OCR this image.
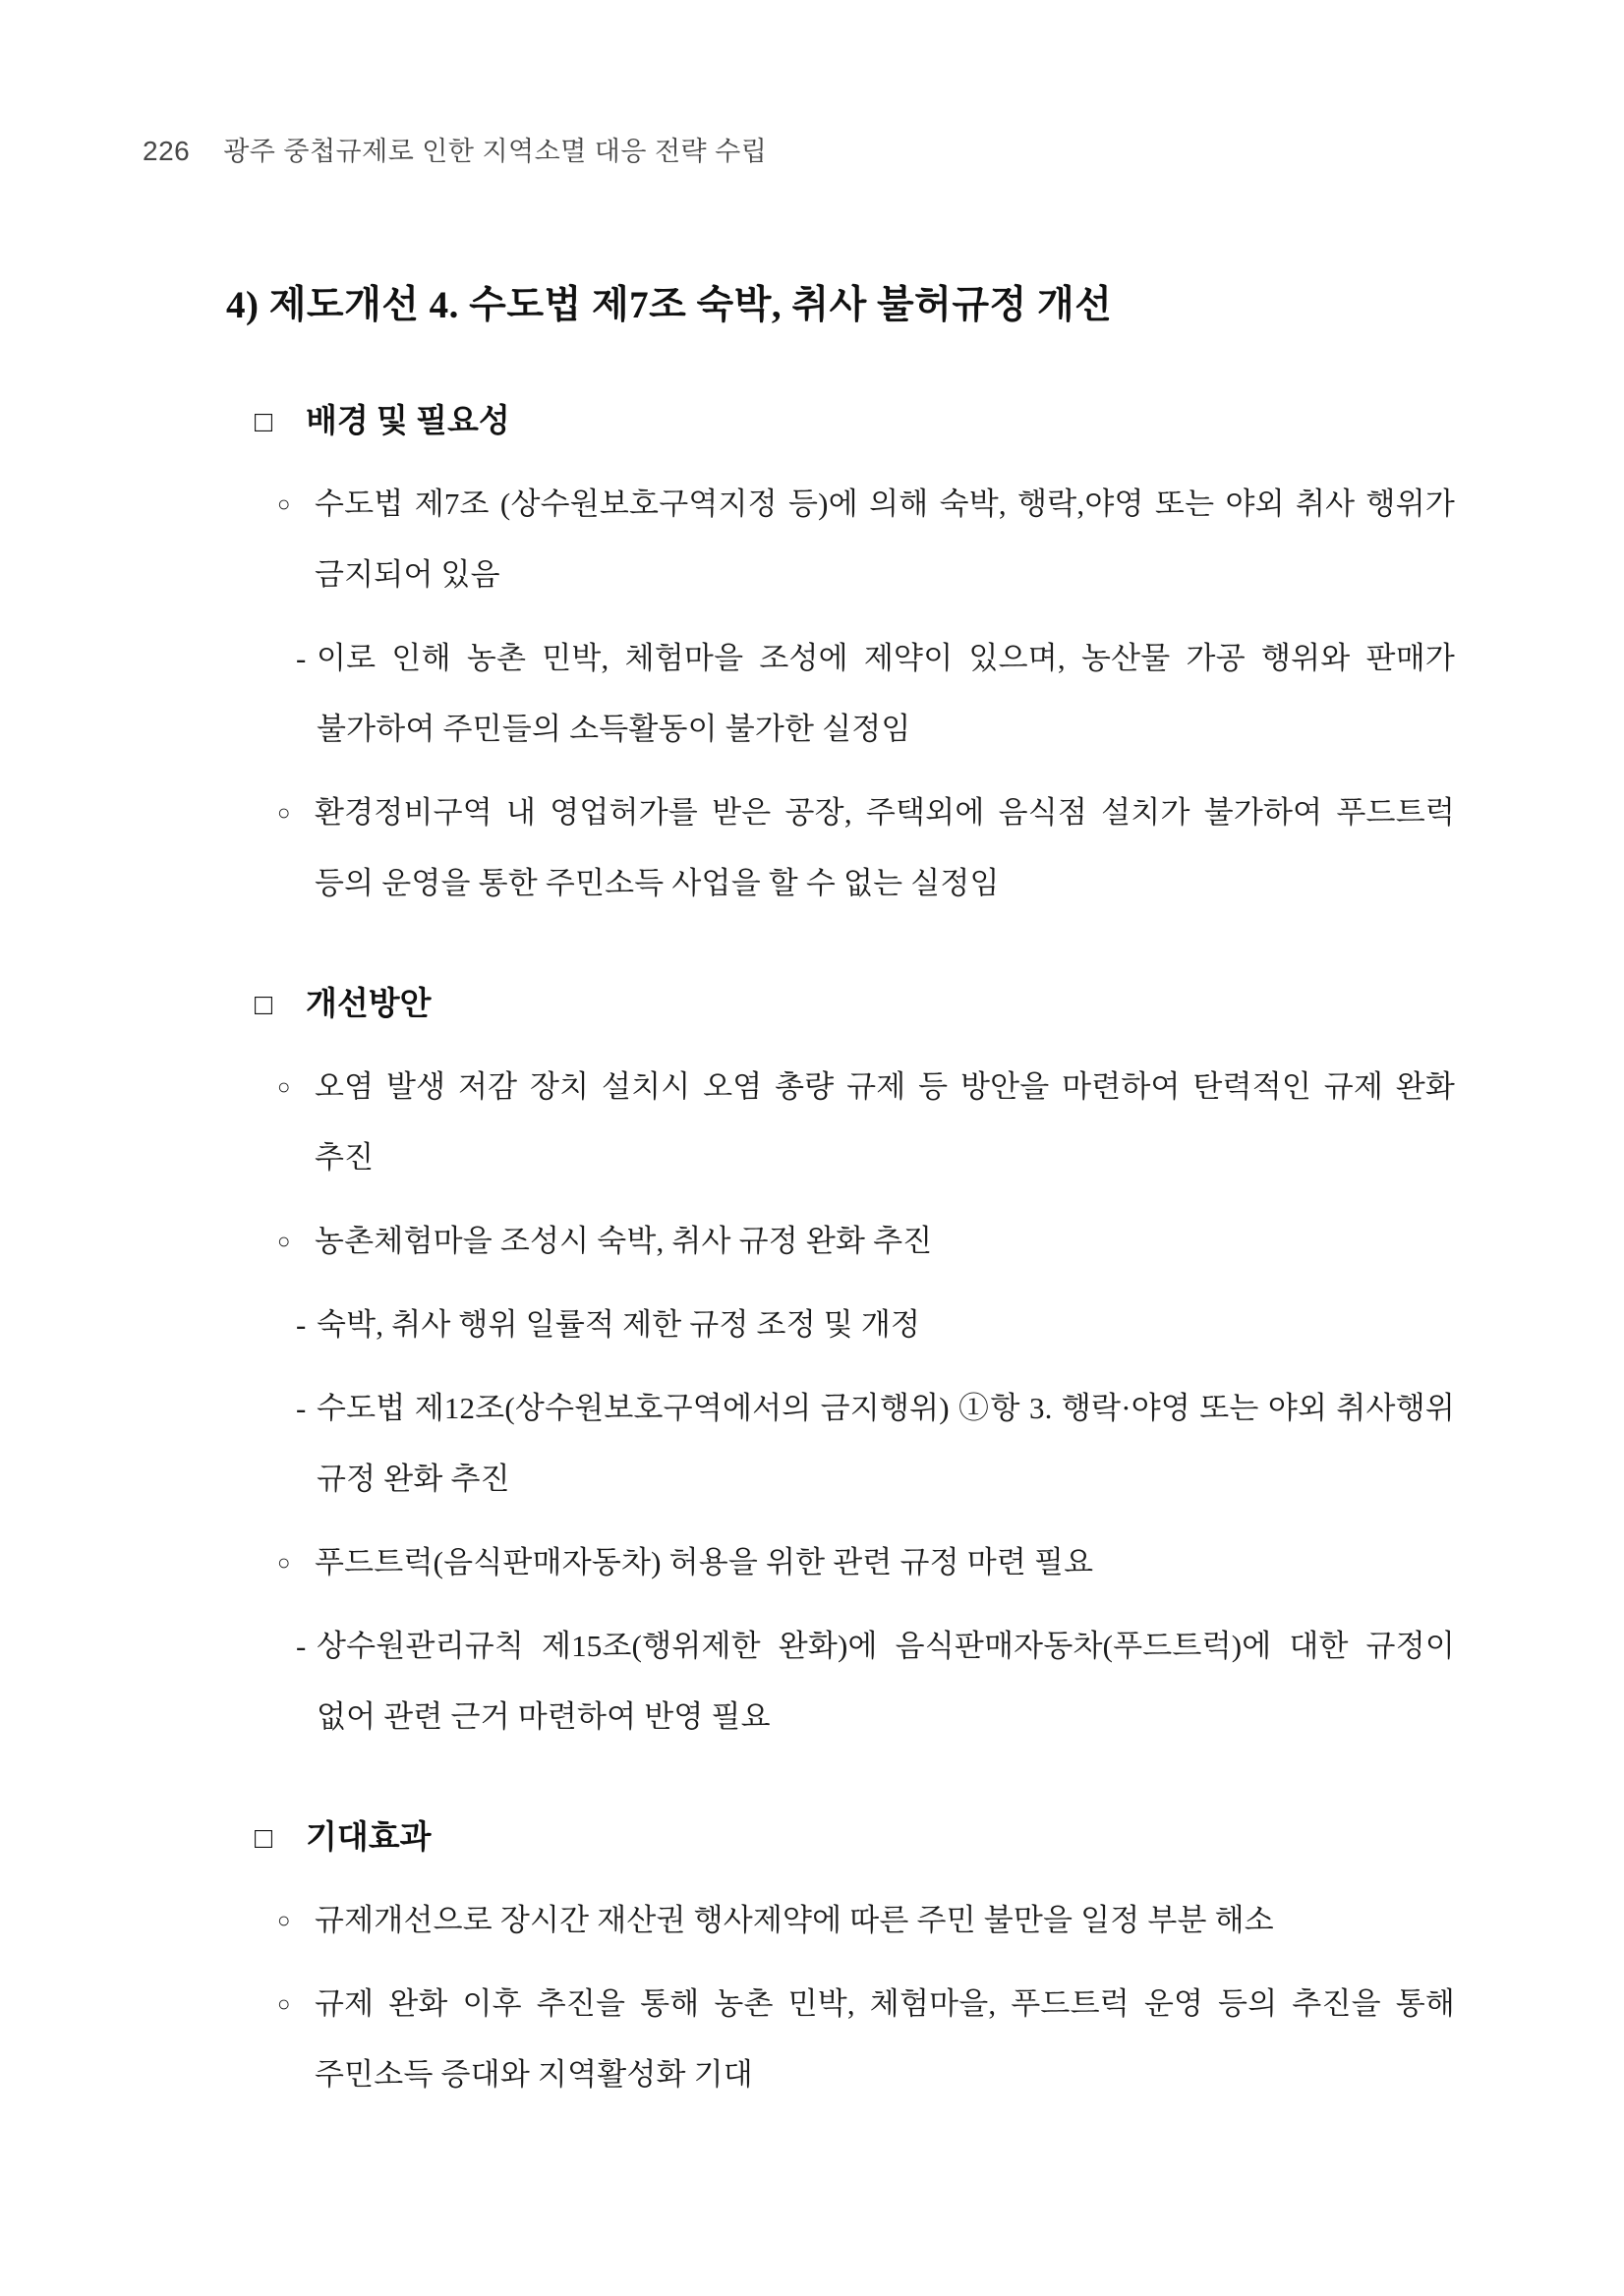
226 광주 중첩규제로 인한 지역소멸 대응 전략 수립
4) 제도개선 4. 수도법 제7조 숙박, 취사 불허규정 개선
□	배경 및 필요성
○ 수도법 제7조 (상수원보호구역지정 등)에 의해 숙박, 행락,야영 또는 야외 취사 행위가 금지되어 있음
- 이로 인해 농촌 민박, 체험마을 조성에 제약이 있으며, 농산물 가공 행위와 판매가 불가하여 주민들의 소득활동이 불가한 실정임
○ 환경정비구역 내 영업허가를 받은 공장, 주택외에 음식점 설치가 불가하여 푸드트럭 등의 운영을 통한 주민소득 사업을 할 수 없는 실정임
□	개선방안
○ 오염 발생 저감 장치 설치시 오염 총량 규제 등 방안을 마련하여 탄력적인 규제 완화 추진
○ 농촌체험마을 조성시 숙박, 취사 규정 완화 추진
- 숙박, 취사 행위 일률적 제한 규정 조정 및 개정
- 수도법 제12조(상수원보호구역에서의 금지행위) ①항 3. 행락·야영 또는 야외 취사행위 규정 완화 추진
○ 푸드트럭(음식판매자동차) 허용을 위한 관련 규정 마련 필요
- 상수원관리규칙 제15조(행위제한 완화)에 음식판매자동차(푸드트럭)에 대한 규정이 없어 관련 근거 마련하여 반영 필요
□	기대효과
○ 규제개선으로 장시간 재산권 행사제약에 따른 주민 불만을 일정 부분 해소
○ 규제 완화 이후 추진을 통해 농촌 민박, 체험마을, 푸드트럭 운영 등의 추진을 통해 주민소득 증대와 지역활성화 기대
